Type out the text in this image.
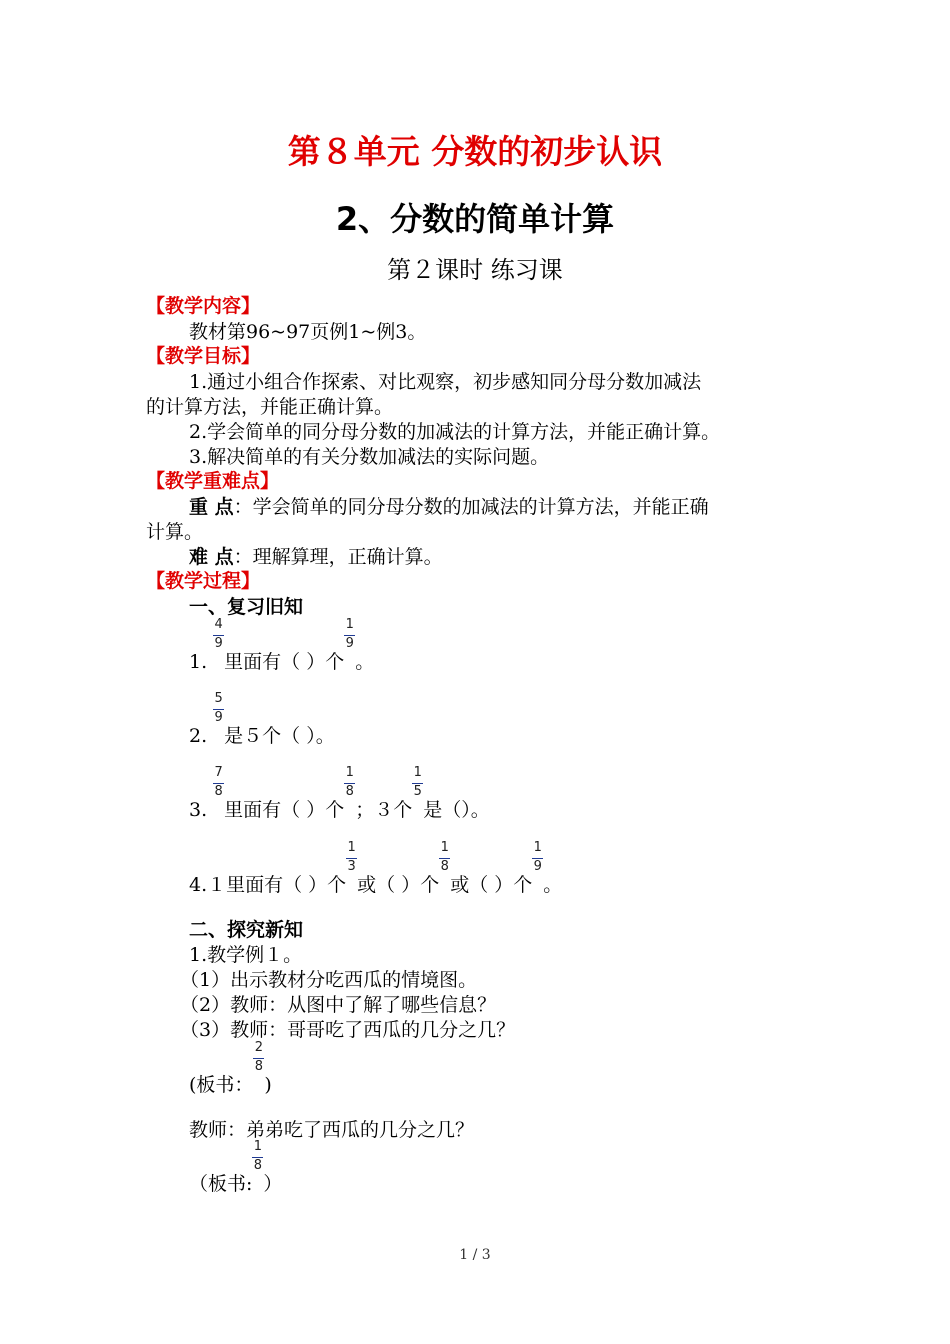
第８单元 分数的初步认识
2、分数的简单计算
第２课时 练习课
【教学内容】
教材第96~97页例1~例3。
【教学目标】
1.通过小组合作探索、对比观察，初步感知同分母分数加减法
的计算方法，并能正确计算。
2.学会简单的同分母分数的加减法的计算方法，并能正确计算。
3.解决简单的有关分数加减法的实际问题。
【教学重难点】
重 点：学会简单的同分母分数的加减法的计算方法，并能正确
计算。
难 点：理解算理，正确计算。
【教学过程】
一、复习旧知
1. $\frac{4}{9}$ 里面有（ ）个 $\frac{1}{9}$ 。
2. $\frac{5}{9}$ 是５个（ ）。
3. $\frac{7}{8}$ 里面有（ ）个 $\frac{1}{8}$ ；３个 $\frac{1}{5}$ 是（）。
4.１里面有（ ）个 $\frac{1}{3}$ 或（ ）个 $\frac{1}{8}$ 或（ ）个 $\frac{1}{9}$ 。
二、探究新知
1.教学例１。
（1）出示教材分吃西瓜的情境图。
（2）教师：从图中了解了哪些信息？
（3）教师：哥哥吃了西瓜的几分之几？
(板书： $\frac{2}{8}$ )
教师：弟弟吃了西瓜的几分之几？
（板书: $\frac{1}{8}$ ）
1 / 3
